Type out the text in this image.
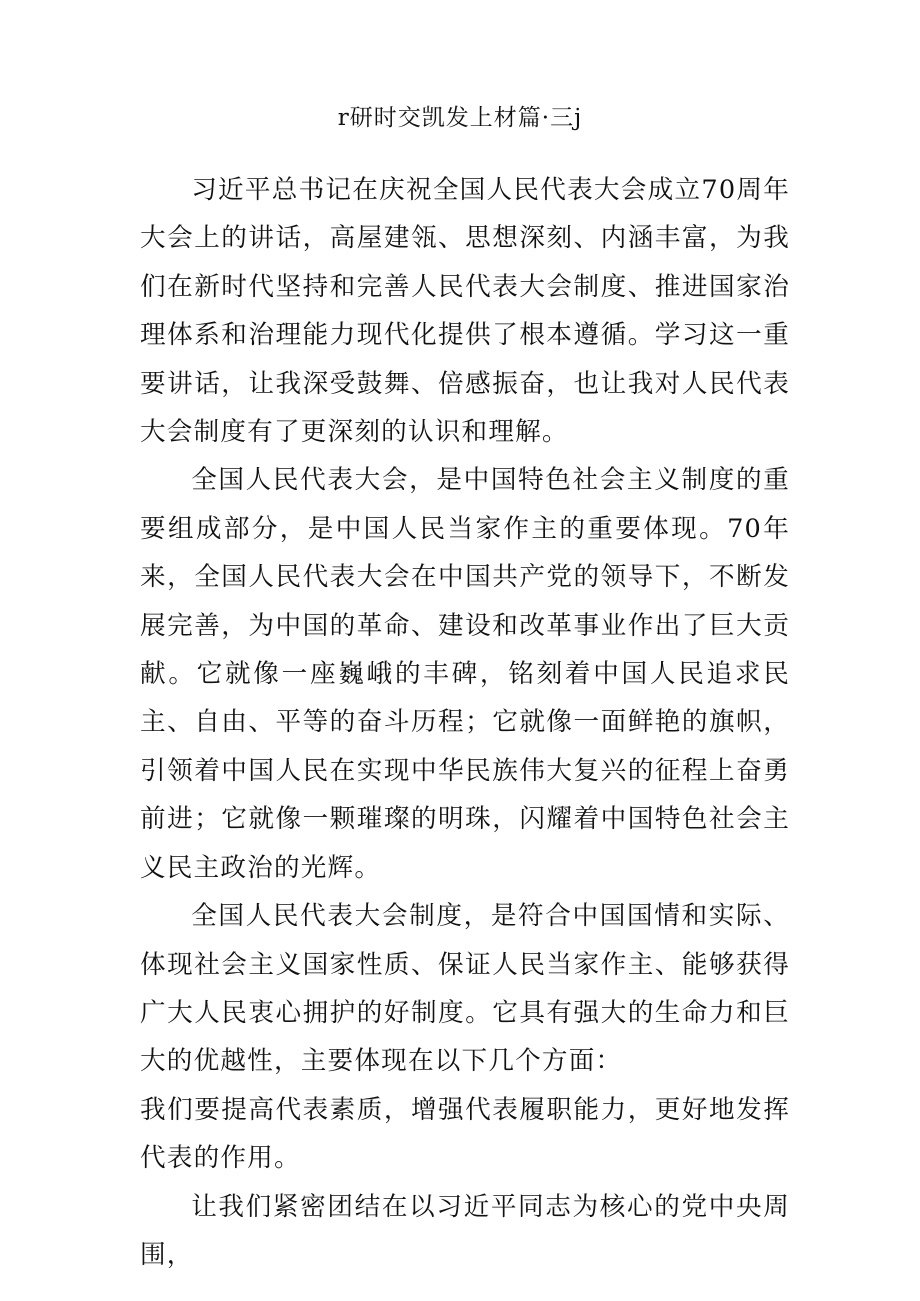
r研时交凯发上材篇·三j

习近平总书记在庆祝全国人民代表大会成立70周年大会上的讲话，高屋建瓴、思想深刻、内涵丰富，为我们在新时代坚持和完善人民代表大会制度、推进国家治理体系和治理能力现代化提供了根本遵循。学习这一重要讲话，让我深受鼓舞、倍感振奋，也让我对人民代表大会制度有了更深刻的认识和理解。

全国人民代表大会，是中国特色社会主义制度的重要组成部分，是中国人民当家作主的重要体现。70年来，全国人民代表大会在中国共产党的领导下，不断发展完善，为中国的革命、建设和改革事业作出了巨大贡献。它就像一座巍峨的丰碑，铭刻着中国人民追求民主、自由、平等的奋斗历程；它就像一面鲜艳的旗帜，引领着中国人民在实现中华民族伟大复兴的征程上奋勇前进；它就像一颗璀璨的明珠，闪耀着中国特色社会主义民主政治的光辉。

全国人民代表大会制度，是符合中国国情和实际、体现社会主义国家性质、保证人民当家作主、能够获得广大人民衷心拥护的好制度。它具有强大的生命力和巨大的优越性，主要体现在以下几个方面：

我们要提高代表素质，增强代表履职能力，更好地发挥代表的作用。

让我们紧密团结在以习近平同志为核心的党中央周围，
